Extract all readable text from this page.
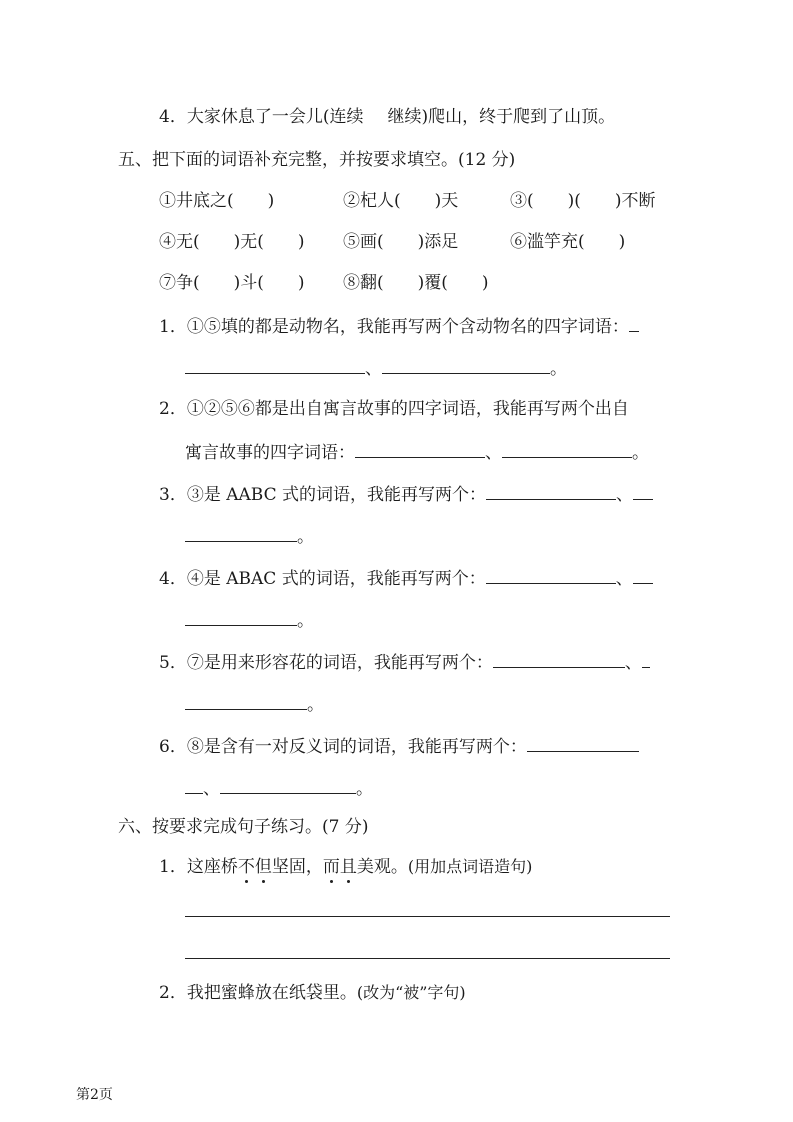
4．大家休息了一会儿(连续 继续)爬山，终于爬到了山顶。
五、把下面的词语补充完整，并按要求填空。(12 分)
①井底之(　　)	②杞人(　　)天	③(　　)(　　)不断
④无(　　)无(　　) ⑤画(　　)添足	⑥滥竽充(　　)
⑦争(　　)斗(　　) ⑧翻(　　)覆(　　)
1．①⑤填的都是动物名，我能再写两个含动物名的四字词语：
、	。
2．①②⑤⑥都是出自寓言故事的四字词语，我能再写两个出自
寓言故事的四字词语：	、	。
3．③是 AABC 式的词语，我能再写两个：	、
。
4．④是 ABAC 式的词语，我能再写两个：	、
。
5．⑦是用来形容花的词语，我能再写两个：	、
。
6．⑧是含有一对反义词的词语，我能再写两个：
、	。
六、按要求完成句子练习。(7 分)
1．这座桥不但坚固，而且美观。(用加点词语造句)
2．我把蜜蜂放在纸袋里。(改为“被”字句)
第2页
